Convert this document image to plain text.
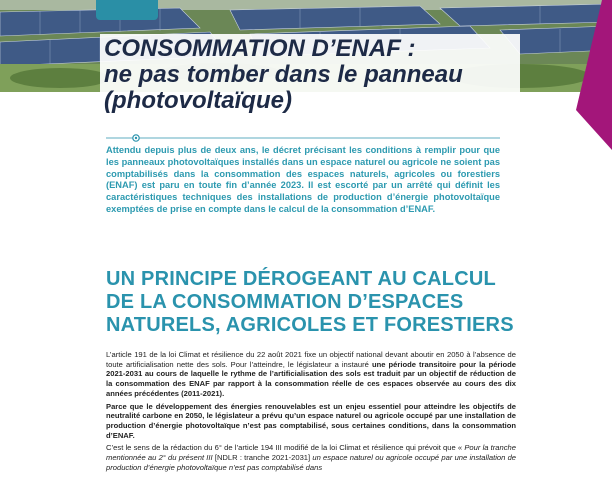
CONSOMMATION D’ENAF :
ne pas tomber dans le panneau
(photovoltaïque)

Attendu depuis plus de deux ans, le décret précisant les conditions à remplir pour que les panneaux photovoltaïques installés dans un espace naturel ou agricole ne soient pas comptabilisés dans la consommation des espaces naturels, agricoles ou forestiers (ENAF) est paru en toute fin d’année 2023. Il est escorté par un arrêté qui définit les caractéristiques techniques des installations de production d’énergie photovoltaïque exemptées de prise en compte dans le calcul de la consommation d’ENAF.

UN PRINCIPE DÉROGEANT AU CALCUL
DE LA CONSOMMATION D’ESPACES
NATURELS, AGRICOLES ET FORESTIERS

L’article 191 de la loi Climat et résilience du 22 août 2021 fixe un objectif national devant aboutir en 2050 à l’absence de toute artificialisation nette des sols. Pour l’atteindre, le législateur a instauré une période transitoire pour la période 2021-2031 au cours de laquelle le rythme de l’artificialisation des sols est traduit par un objectif de réduction de la consommation des ENAF par rapport à la consommation réelle de ces espaces observée au cours des dix années précédentes (2011-2021).

Parce que le développement des énergies renouvelables est un enjeu essentiel pour atteindre les objectifs de neutralité carbone en 2050, le législateur a prévu qu’un espace naturel ou agricole occupé par une installation de production d’énergie photovoltaïque n’est pas comptabilisé, sous certaines conditions, dans la consommation d’ENAF.

C’est le sens de la rédaction du 6° de l’article 194 III modifié de la loi Climat et résilience qui prévoit que « Pour la tranche mentionnée au 2° du présent III [NDLR : tranche 2021-2031] un espace naturel ou agricole occupé par une installation de production d’énergie photovoltaïque n’est pas comptabilisé dans
